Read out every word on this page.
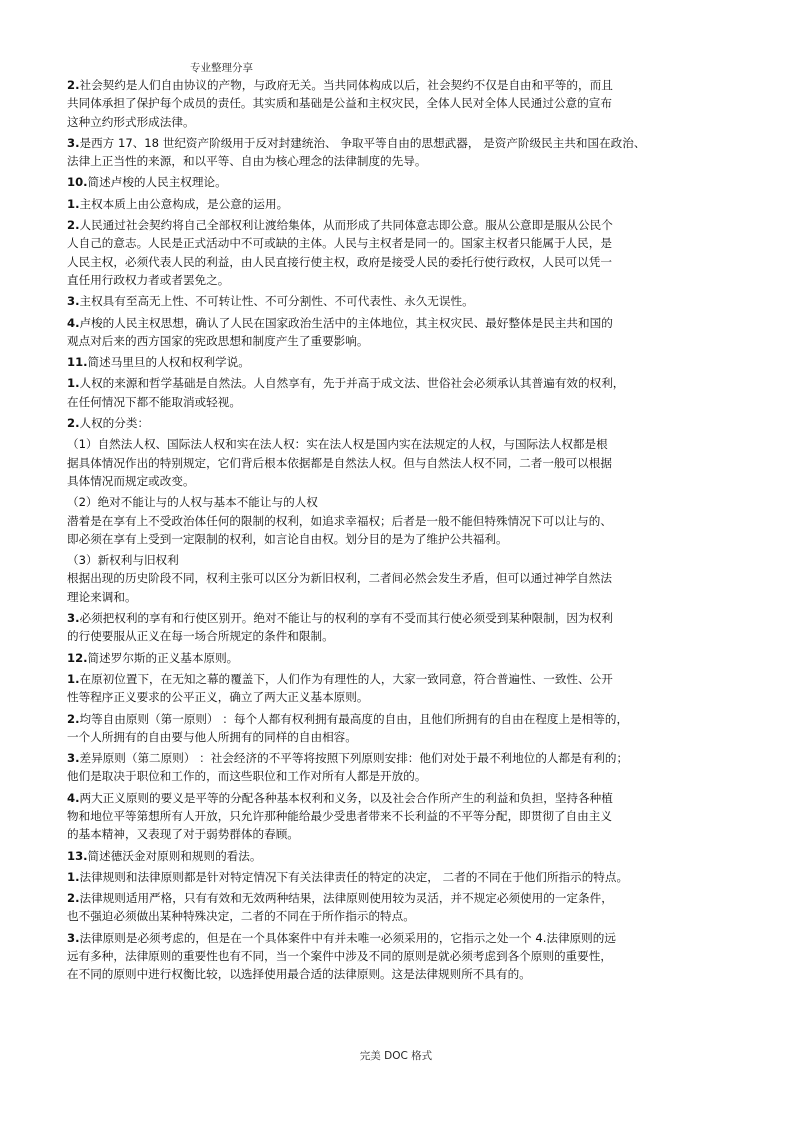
专业整理分享
2.社会契约是人们自由协议的产物，与政府无关。当共同体构成以后，社会契约不仅是自由和平等的，而且
共同体承担了保护每个成员的责任。其实质和基础是公益和主权灾民，全体人民对全体人民通过公意的宣布
这种立约形式形成法律。
3.是西方 17、18 世纪资产阶级用于反对封建统治、 争取平等自由的思想武器， 是资产阶级民主共和国在政治、
法律上正当性的来源，和以平等、自由为核心理念的法律制度的先导。
10.简述卢梭的人民主权理论。
1.主权本质上由公意构成，是公意的运用。
2.人民通过社会契约将自己全部权利让渡给集体，从而形成了共同体意志即公意。服从公意即是服从公民个
人自己的意志。人民是正式活动中不可或缺的主体。人民与主权者是同一的。国家主权者只能属于人民，是
人民主权，必须代表人民的利益，由人民直接行使主权，政府是接受人民的委托行使行政权，人民可以凭一
直任用行政权力者或者罢免之。
3.主权具有至高无上性、不可转让性、不可分割性、不可代表性、永久无误性。
4.卢梭的人民主权思想，确认了人民在国家政治生活中的主体地位，其主权灾民、最好整体是民主共和国的
观点对后来的西方国家的宪政思想和制度产生了重要影响。
11.简述马里旦的人权和权利学说。
1.人权的来源和哲学基础是自然法。人自然享有，先于并高于成文法、世俗社会必须承认其普遍有效的权利，
在任何情况下都不能取消或轻视。
2.人权的分类：
（1）自然法人权、国际法人权和实在法人权：实在法人权是国内实在法规定的人权，与国际法人权都是根
据具体情况作出的特别规定，它们背后根本依据都是自然法人权。但与自然法人权不同，二者一般可以根据
具体情况而规定或改变。
（2）绝对不能让与的人权与基本不能让与的人权
潜着是在享有上不受政治体任何的限制的权利，如追求幸福权；后者是一般不能但特殊情况下可以让与的、
即必须在享有上受到一定限制的权利，如言论自由权。划分目的是为了维护公共福利。
（3）新权利与旧权利
根据出现的历史阶段不同，权利主张可以区分为新旧权利，二者间必然会发生矛盾，但可以通过神学自然法
理论来调和。
3.必须把权利的享有和行使区别开。绝对不能让与的权利的享有不受而其行使必须受到某种限制，因为权利
的行使要服从正义在每一场合所规定的条件和限制。
12.简述罗尔斯的正义基本原则。
1.在原初位置下，在无知之幕的覆盖下，人们作为有理性的人，大家一致同意，符合普遍性、一致性、公开
性等程序正义要求的公平正义，确立了两大正义基本原则。
2.均等自由原则（第一原则） ：每个人都有权利拥有最高度的自由，且他们所拥有的自由在程度上是相等的，
一个人所拥有的自由要与他人所拥有的同样的自由相容。
3.差异原则（第二原则） ：社会经济的不平等将按照下列原则安排：他们对处于最不利地位的人都是有利的；
他们是取决于职位和工作的，而这些职位和工作对所有人都是开放的。
4.两大正义原则的要义是平等的分配各种基本权利和义务，以及社会合作所产生的利益和负担，坚持各种植
物和地位平等第想所有人开放，只允许那种能给最少受患者带来不长利益的不平等分配，即贯彻了自由主义
的基本精神，又表现了对于弱势群体的春顾。
13.简述德沃金对原则和规则的看法。
1.法律规则和法律原则都是针对特定情况下有关法律责任的特定的决定， 二者的不同在于他们所指示的特点。
2.法律规则适用严格，只有有效和无效两种结果，法律原则使用较为灵活，并不规定必须使用的一定条件，
也不强迫必须做出某种特殊决定，二者的不同在于所作指示的特点。
3.法律原则是必须考虑的，但是在一个具体案件中有并未唯一必须采用的，它指示之处一个 4.法律原则的远
远有多种，法律原则的重要性也有不同，当一个案件中涉及不同的原则是就必须考虑到各个原则的重要性，
在不同的原则中进行权衡比较，以选择使用最合适的法律原则。这是法律规则所不具有的。
完美 DOC 格式
